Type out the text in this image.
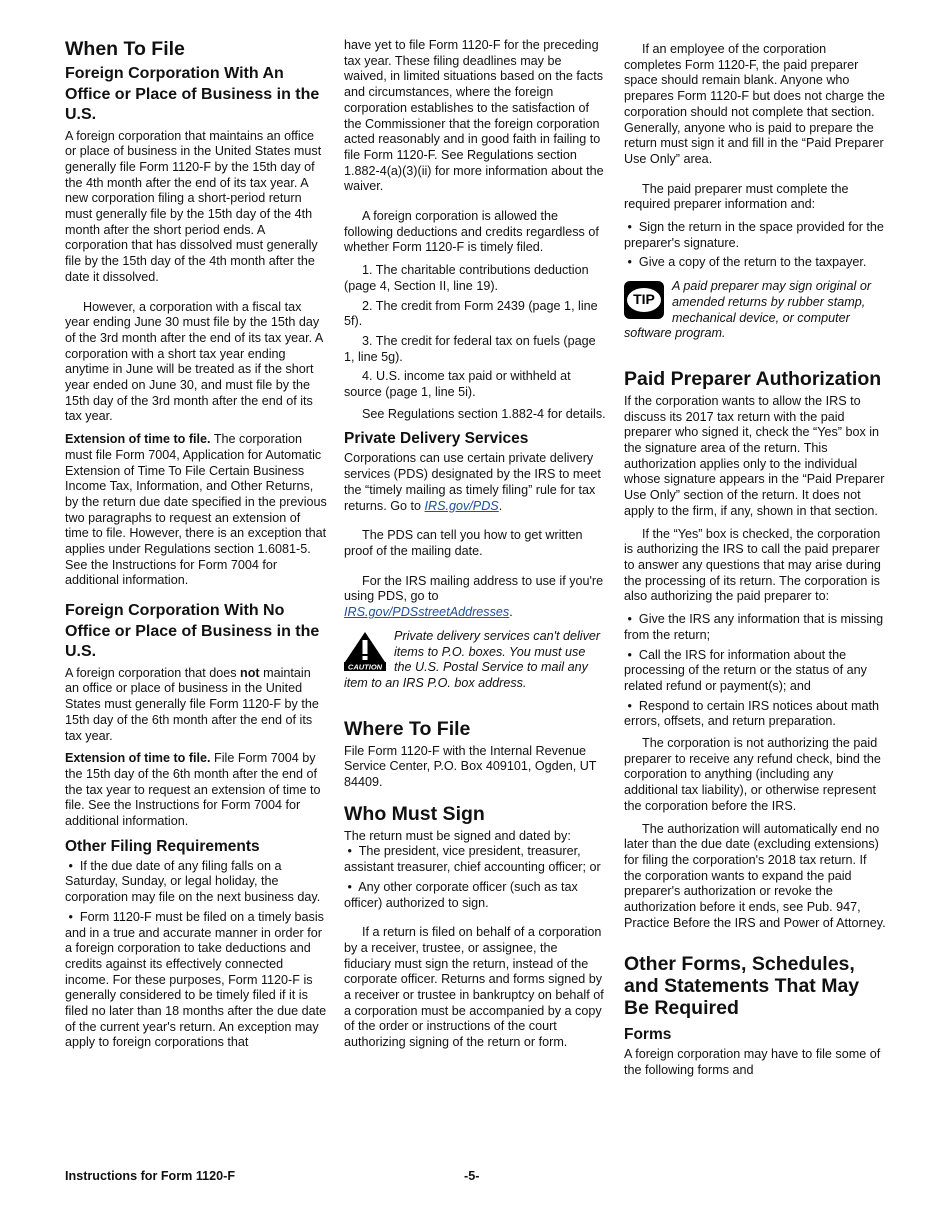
When To File
Foreign Corporation With An Office or Place of Business in the U.S.

A foreign corporation that maintains an office or place of business in the United States must generally file Form 1120-F by the 15th day of the 4th month after the end of its tax year. A new corporation filing a short-period return must generally file by the 15th day of the 4th month after the short period ends. A corporation that has dissolved must generally file by the 15th day of the 4th month after the date it dissolved.

However, a corporation with a fiscal tax year ending June 30 must file by the 15th day of the 3rd month after the end of its tax year. A corporation with a short tax year ending anytime in June will be treated as if the short year ended on June 30, and must file by the 15th day of the 3rd month after the end of its tax year.

Extension of time to file. The corporation must file Form 7004, Application for Automatic Extension of Time To File Certain Business Income Tax, Information, and Other Returns, by the return due date specified in the previous two paragraphs to request an extension of time to file. However, there is an exception that applies under Regulations section 1.6081-5. See the Instructions for Form 7004 for additional information.

Foreign Corporation With No Office or Place of Business in the U.S.

A foreign corporation that does not maintain an office or place of business in the United States must generally file Form 1120-F by the 15th day of the 6th month after the end of its tax year.

Extension of time to file. File Form 7004 by the 15th day of the 6th month after the end of the tax year to request an extension of time to file. See the Instructions for Form 7004 for additional information.

Other Filing Requirements

•  If the due date of any filing falls on a Saturday, Sunday, or legal holiday, the corporation may file on the next business day.

•  Form 1120-F must be filed on a timely basis and in a true and accurate manner in order for a foreign corporation to take deductions and credits against its effectively connected income. For these purposes, Form 1120-F is generally considered to be timely filed if it is filed no later than 18 months after the due date of the current year's return. An exception may apply to foreign corporations that

have yet to file Form 1120-F for the preceding tax year. These filing deadlines may be waived, in limited situations based on the facts and circumstances, where the foreign corporation establishes to the satisfaction of the Commissioner that the foreign corporation acted reasonably and in good faith in failing to file Form 1120-F. See Regulations section 1.882-4(a)(3)(ii) for more information about the waiver.

A foreign corporation is allowed the following deductions and credits regardless of whether Form 1120-F is timely filed.

1. The charitable contributions deduction (page 4, Section II, line 19).

2. The credit from Form 2439 (page 1, line 5f).

3. The credit for federal tax on fuels (page 1, line 5g).

4. U.S. income tax paid or withheld at source (page 1, line 5i).

See Regulations section 1.882-4 for details.

Private Delivery Services

Corporations can use certain private delivery services (PDS) designated by the IRS to meet the “timely mailing as timely filing” rule for tax returns. Go to IRS.gov/PDS.

The PDS can tell you how to get written proof of the mailing date.

For the IRS mailing address to use if you're using PDS, go to IRS.gov/PDSstreetAddresses.

CAUTION
Private delivery services can't deliver items to P.O. boxes. You must use the U.S. Postal Service to mail any item to an IRS P.O. box address.
Where To File

File Form 1120-F with the Internal Revenue Service Center, P.O. Box 409101, Ogden, UT 84409.

Who Must Sign

The return must be signed and dated by:

•  The president, vice president, treasurer, assistant treasurer, chief accounting officer; or

•  Any other corporate officer (such as tax officer) authorized to sign.

If a return is filed on behalf of a corporation by a receiver, trustee, or assignee, the fiduciary must sign the return, instead of the corporate officer. Returns and forms signed by a receiver or trustee in bankruptcy on behalf of a corporation must be accompanied by a copy of the order or instructions of the court authorizing signing of the return or form.

If an employee of the corporation completes Form 1120-F, the paid preparer space should remain blank. Anyone who prepares Form 1120-F but does not charge the corporation should not complete that section. Generally, anyone who is paid to prepare the return must sign it and fill in the “Paid Preparer Use Only” area.

The paid preparer must complete the required preparer information and:

•  Sign the return in the space provided for the preparer's signature.

•  Give a copy of the return to the taxpayer.

TIP
A paid preparer may sign original or amended returns by rubber stamp, mechanical device, or computer software program.
Paid Preparer Authorization

If the corporation wants to allow the IRS to discuss its 2017 tax return with the paid preparer who signed it, check the “Yes” box in the signature area of the return. This authorization applies only to the individual whose signature appears in the “Paid Preparer Use Only” section of the return. It does not apply to the firm, if any, shown in that section.

If the “Yes” box is checked, the corporation is authorizing the IRS to call the paid preparer to answer any questions that may arise during the processing of its return. The corporation is also authorizing the paid preparer to:

•  Give the IRS any information that is missing from the return;

•  Call the IRS for information about the processing of the return or the status of any related refund or payment(s); and

•  Respond to certain IRS notices about math errors, offsets, and return preparation.

The corporation is not authorizing the paid preparer to receive any refund check, bind the corporation to anything (including any additional tax liability), or otherwise represent the corporation before the IRS.

The authorization will automatically end no later than the due date (excluding extensions) for filing the corporation's 2018 tax return. If the corporation wants to expand the paid preparer's authorization or revoke the authorization before it ends, see Pub. 947, Practice Before the IRS and Power of Attorney.

Other Forms, Schedules, and Statements That May Be Required
Forms

A foreign corporation may have to file some of the following forms and

Instructions for Form 1120-F	-5-
